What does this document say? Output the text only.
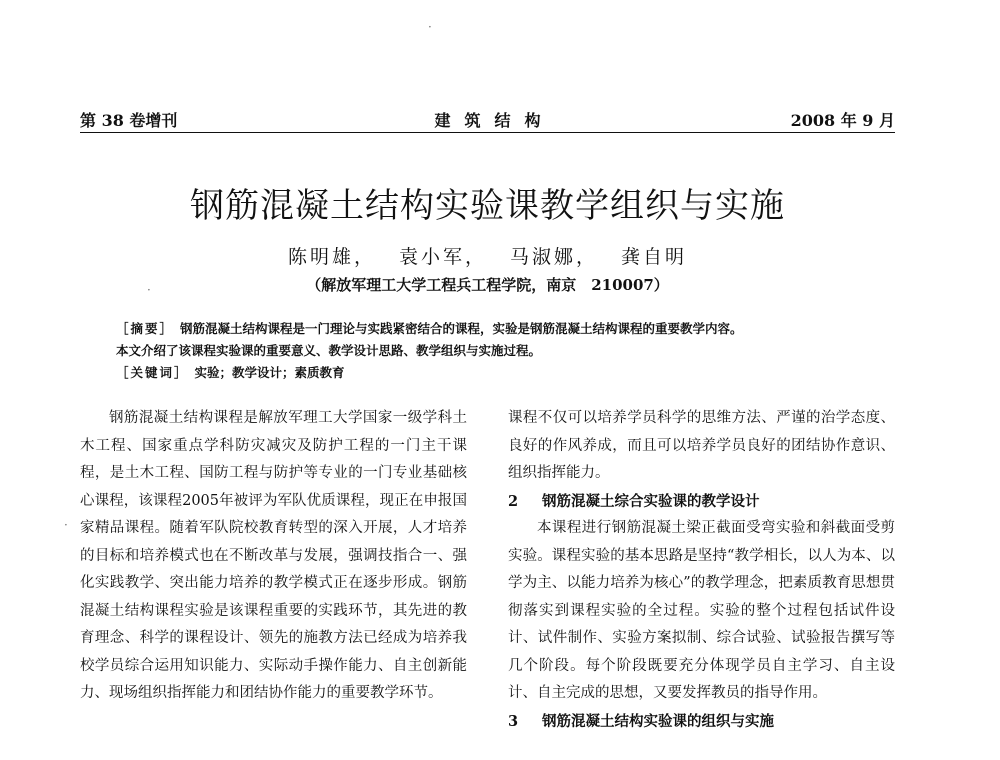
第 38 卷增刊	建筑结构	2008 年 9 月
钢筋混凝土结构实验课教学组织与实施
陈明雄， 袁小军， 马淑娜， 龚自明
（解放军理工大学工程兵工程学院，南京　210007）
［摘要］ 钢筋混凝土结构课程是一门理论与实践紧密结合的课程，实验是钢筋混凝土结构课程的重要教学内容。
本文介绍了该课程实验课的重要意义、教学设计思路、教学组织与实施过程。
［关键词］ 实验；教学设计；素质教育

钢筋混凝土结构课程是解放军理工大学国家一级学科土木工程、国家重点学科防灾减灾及防护工程的一门主干课程，是土木工程、国防工程与防护等专业的一门专业基础核心课程，该课程2005年被评为军队优质课程，现正在申报国家精品课程。随着军队院校教育转型的深入开展，人才培养的目标和培养模式也在不断改革与发展，强调技指合一、强化实践教学、突出能力培养的教学模式正在逐步形成。钢筋混凝土结构课程实验是该课程重要的实践环节，其先进的教育理念、科学的课程设计、领先的施教方法已经成为培养我校学员综合运用知识能力、实际动手操作能力、自主创新能力、现场组织指挥能力和团结协作能力的重要教学环节。

课程不仅可以培养学员科学的思维方法、严谨的治学态度、良好的作风养成，而且可以培养学员良好的团结协作意识、组织指挥能力。

2 钢筋混凝土综合实验课的教学设计

本课程进行钢筋混凝土梁正截面受弯实验和斜截面受剪实验。课程实验的基本思路是坚持“教学相长，以人为本、以学为主、以能力培养为核心”的教学理念，把素质教育思想贯彻落实到课程实验的全过程。实验的整个过程包括试件设计、试件制作、实验方案拟制、综合试验、试验报告撰写等几个阶段。每个阶段既要充分体现学员自主学习、自主设计、自主完成的思想，又要发挥教员的指导作用。

3 钢筋混凝土结构实验课的组织与实施
·
·
·
